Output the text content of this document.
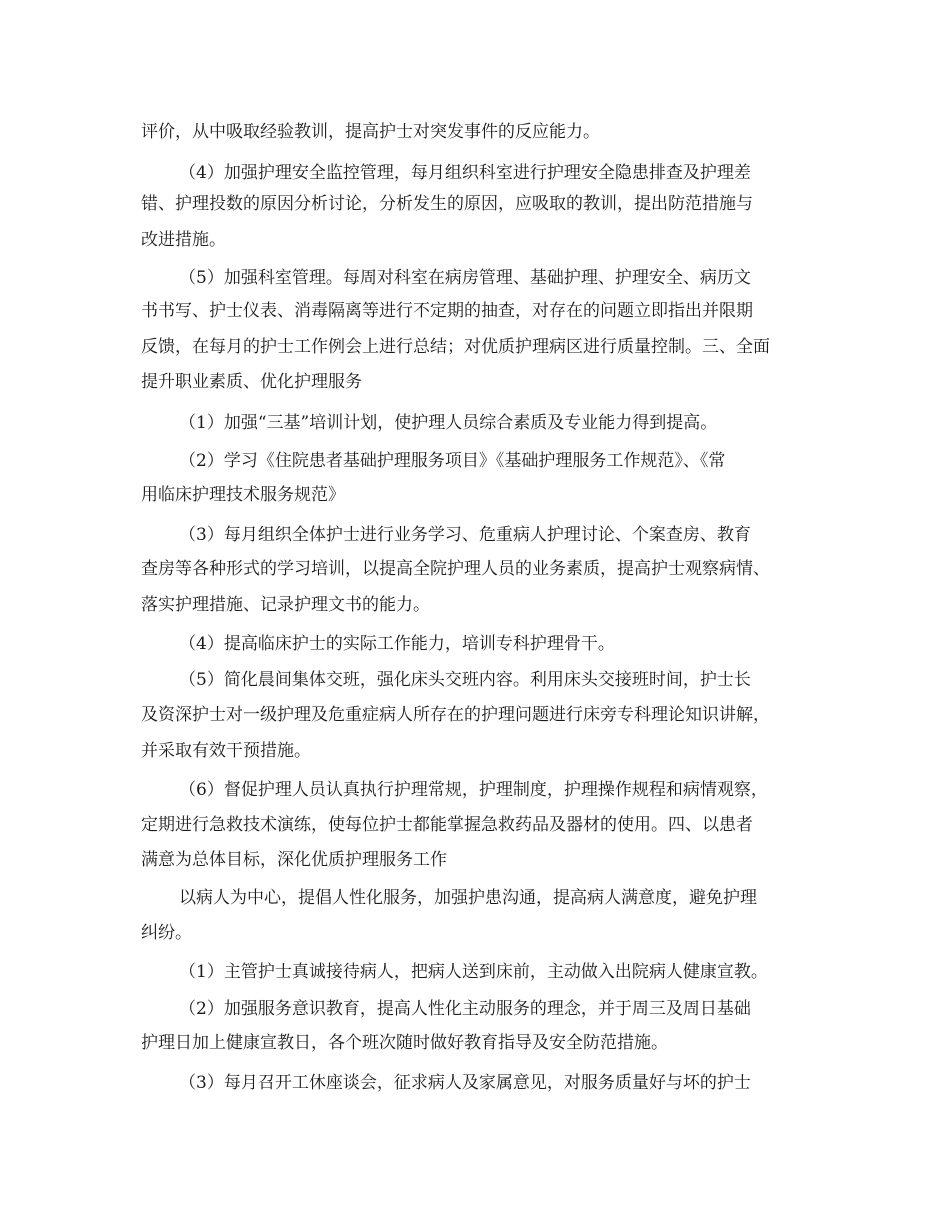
评价，从中吸取经验教训，提高护士对突发事件的反应能力。
（4）加强护理安全监控管理，每月组织科室进行护理安全隐患排查及护理差
错、护理投数的原因分析讨论，分析发生的原因，应吸取的教训，提出防范措施与
改进措施。
（5）加强科室管理。每周对科室在病房管理、基础护理、护理安全、病历文
书书写、护士仪表、消毒隔离等进行不定期的抽查，对存在的问题立即指出并限期
反馈，在每月的护士工作例会上进行总结；对优质护理病区进行质量控制。三、全面
提升职业素质、优化护理服务
（1）加强“三基”培训计划，使护理人员综合素质及专业能力得到提高。
（2）学习《住院患者基础护理服务项目》《基础护理服务工作规范》、《常
用临床护理技术服务规范》
（3）每月组织全体护士进行业务学习、危重病人护理讨论、个案查房、教育
查房等各种形式的学习培训，以提高全院护理人员的业务素质，提高护士观察病情、
落实护理措施、记录护理文书的能力。
（4）提高临床护士的实际工作能力，培训专科护理骨干。
（5）简化晨间集体交班，强化床头交班内容。利用床头交接班时间，护士长
及资深护士对一级护理及危重症病人所存在的护理问题进行床旁专科理论知识讲解，
并采取有效干预措施。
（6）督促护理人员认真执行护理常规，护理制度，护理操作规程和病情观察，
定期进行急救技术演练，使每位护士都能掌握急救药品及器材的使用。四、以患者
满意为总体目标，深化优质护理服务工作
以病人为中心，提倡人性化服务，加强护患沟通，提高病人满意度，避免护理
纠纷。
（1）主管护士真诚接待病人，把病人送到床前，主动做入出院病人健康宣教。
（2）加强服务意识教育，提高人性化主动服务的理念，并于周三及周日基础
护理日加上健康宣教日，各个班次随时做好教育指导及安全防范措施。
（3）每月召开工休座谈会，征求病人及家属意见，对服务质量好与坏的护士
